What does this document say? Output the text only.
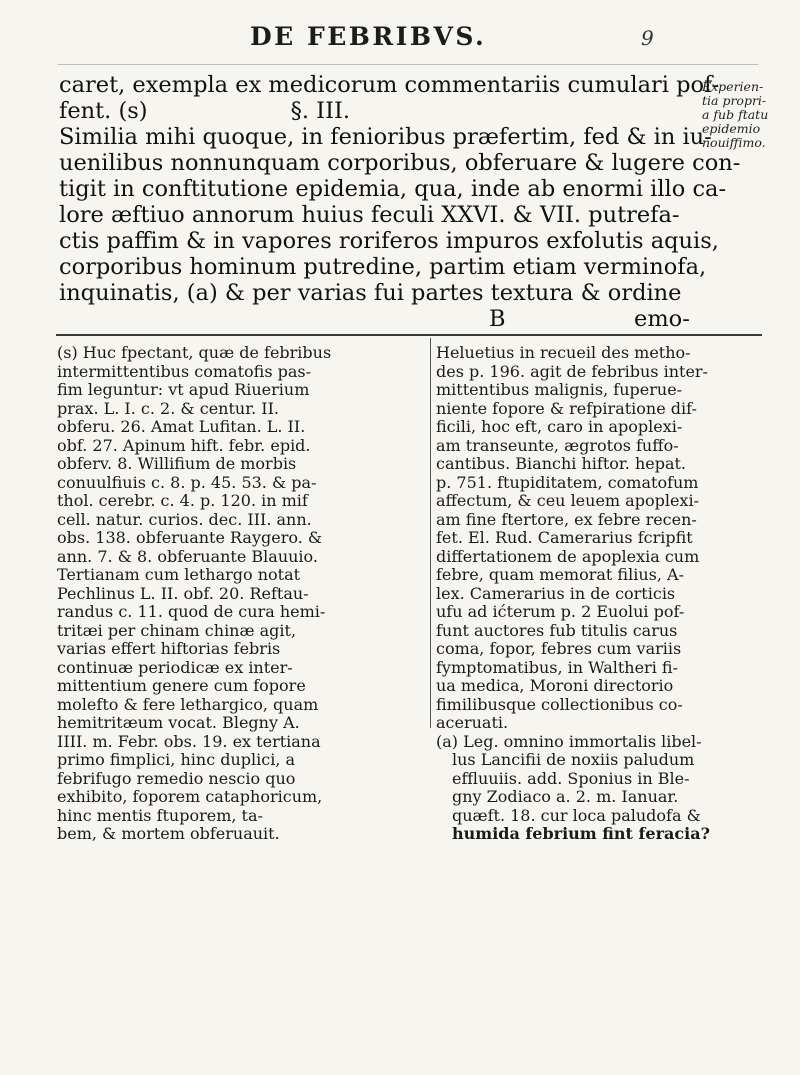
DE FEBRIBVS.	9
caret, exempla ex medicorum commentariis cumulari pof-
fent. (s)                    §. III.
Similia mihi quoque, in fenioribus præfertim, fed & in iu-
uenilibus nonnunquam corporibus, obferuare & lugere con-
tigit in conftitutione epidemia, qua, inde ab enormi illo ca-
lore æftiuo annorum huius feculi XXVI. & VII. putrefa-
ctis paffim & in vapores roriferos impuros exfolutis aquis,
corporibus hominum putredine, partim etiam verminofa,
inquinatis, (a) & per varias fui partes textura & ordine
B	emo-
Experien-
tia propri-
a fub ftatu
epidemio
nouiffimo.
(s) Huc fpectant, quæ de febribus
intermittentibus comatofis pas-
fim leguntur: vt apud Riuerium
prax. L. I. c. 2. & centur. II.
obferu. 26. Amat Lufitan. L. II.
obf. 27. Apinum hift. febr. epid.
obferv. 8. Willifium de morbis
conuulfiuis c. 8. p. 45. 53. & pa-
thol. cerebr. c. 4. p. 120. in mif
cell. natur. curios. dec. III. ann.
obs. 138. obferuante Raygero. &
ann. 7. & 8. obferuante Blauuio.
Tertianam cum lethargo notat
Pechlinus L. II. obf. 20. Reftau-
randus c. 11. quod de cura hemi-
tritæi per chinam chinæ agit,
varias effert hiftorias febris
continuæ periodicæ ex inter-
mittentium genere cum fopore
molefto & fere lethargico, quam
hemitritæum vocat. Blegny A.
IIII. m. Febr. obs. 19. ex tertiana
primo fimplici, hinc duplici, a
febrifugo remedio nescio quo
exhibito, foporem cataphoricum,
hinc mentis ftuporem, ta-
bem, & mortem obferuauit.
Heluetius in recueil des metho-
des p. 196. agit de febribus inter-
mittentibus malignis, fuperue-
niente fopore & refpiratione dif-
ficili, hoc eft, caro in apoplexi-
am transeunte, ægrotos fuffo-
cantibus. Bianchi hiftor. hepat.
p. 751. ftupiditatem, comatofum
affectum, & ceu leuem apoplexi-
am fine ftertore, ex febre recen-
fet. El. Rud. Camerarius fcripfit
differtationem de apoplexia cum
febre, quam memorat filius, A-
lex. Camerarius in de corticis
ufu ad ićterum p. 2 Euolui pof-
funt auctores fub titulis carus
coma, fopor, febres cum variis
fymptomatibus, in Waltheri fi-
ua medica, Moroni directorio
fimilibusque collectionibus co-
aceruati.
(a) Leg. omnino immortalis libel-
lus Lancifii de noxiis paludum
effluuiis. add. Sponius in Ble-
gny Zodiaco a. 2. m. Ianuar.
quæft. 18. cur loca paludofa &
humida febrium fint feracia?
